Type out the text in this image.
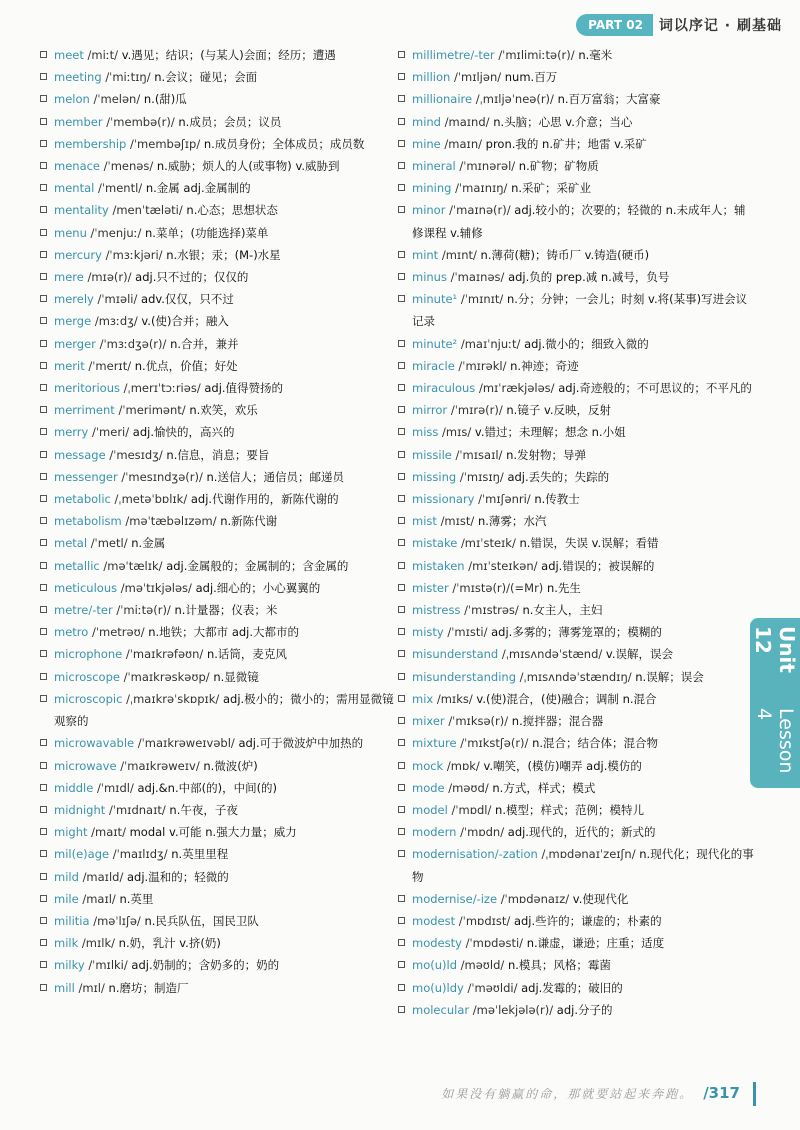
PART 02	词以序记 · 刷基础
meet /miːt/ v.遇见；结识；(与某人)会面；经历；遭遇
meeting /ˈmiːtɪŋ/ n.会议；碰见；会面
melon /ˈmelən/ n.(甜)瓜
member /ˈmembə(r)/ n.成员；会员；议员
membership /ˈmembəʃɪp/ n.成员身份；全体成员；成员数
menace /ˈmenəs/ n.威胁；烦人的人(或事物) v.威胁到
mental /ˈmentl/ n.金属 adj.金属制的
mentality /menˈtæləti/ n.心态；思想状态
menu /ˈmenjuː/ n.菜单；(功能选择)菜单
mercury /ˈmɜːkjəri/ n.水银；汞；(M-)水星
mere /mɪə(r)/ adj.只不过的；仅仅的
merely /ˈmɪəli/ adv.仅仅，只不过
merge /mɜːdʒ/ v.(使)合并；融入
merger /ˈmɜːdʒə(r)/ n.合并，兼并
merit /ˈmerɪt/ n.优点，价值；好处
meritorious /ˌmerɪˈtɔːriəs/ adj.值得赞扬的
merriment /ˈmerimənt/ n.欢笑，欢乐
merry /ˈmeri/ adj.愉快的，高兴的
message /ˈmesɪdʒ/ n.信息，消息；要旨
messenger /ˈmesɪndʒə(r)/ n.送信人；通信员；邮递员
metabolic /ˌmetəˈbɒlɪk/ adj.代谢作用的，新陈代谢的
metabolism /məˈtæbəlɪzəm/ n.新陈代谢
metal /ˈmetl/ n.金属
metallic /məˈtælɪk/ adj.金属般的；金属制的；含金属的
meticulous /məˈtɪkjələs/ adj.细心的；小心翼翼的
metre/-ter /ˈmiːtə(r)/ n.计量器；仪表；米
metro /ˈmetrəʊ/ n.地铁；大都市 adj.大都市的
microphone /ˈmaɪkrəfəʊn/ n.话筒，麦克风
microscope /ˈmaɪkrəskəʊp/ n.显微镜
microscopic /ˌmaɪkrəˈskɒpɪk/ adj.极小的；微小的；需用显微镜观察的
microwavable /ˈmaɪkrəweɪvəbl/ adj.可于微波炉中加热的
microwave /ˈmaɪkrəweɪv/ n.微波(炉)
middle /ˈmɪdl/ adj.&n.中部(的)，中间(的)
midnight /ˈmɪdnaɪt/ n.午夜，子夜
might /maɪt/ modal v.可能 n.强大力量；威力
mil(e)age /ˈmaɪlɪdʒ/ n.英里里程
mild /maɪld/ adj.温和的；轻微的
mile /maɪl/ n.英里
militia /məˈlɪʃə/ n.民兵队伍，国民卫队
milk /mɪlk/ n.奶，乳汁 v.挤(奶)
milky /ˈmɪlki/ adj.奶制的；含奶多的；奶的
mill /mɪl/ n.磨坊；制造厂
millimetre/-ter /ˈmɪlimiːtə(r)/ n.毫米
million /ˈmɪljən/ num.百万
millionaire /ˌmɪljəˈneə(r)/ n.百万富翁；大富豪
mind /maɪnd/ n.头脑；心思 v.介意；当心
mine /maɪn/ pron.我的 n.矿井；地雷 v.采矿
mineral /ˈmɪnərəl/ n.矿物；矿物质
mining /ˈmaɪnɪŋ/ n.采矿；采矿业
minor /ˈmaɪnə(r)/ adj.较小的；次要的；轻微的 n.未成年人；辅修课程 v.辅修
mint /mɪnt/ n.薄荷(糖)；铸币厂 v.铸造(硬币)
minus /ˈmaɪnəs/ adj.负的 prep.减 n.减号，负号
minute¹ /ˈmɪnɪt/ n.分；分钟；一会儿；时刻 v.将(某事)写进会议记录
minute² /maɪˈnjuːt/ adj.微小的；细致入微的
miracle /ˈmɪrəkl/ n.神迹；奇迹
miraculous /mɪˈrækjələs/ adj.奇迹般的；不可思议的；不平凡的
mirror /ˈmɪrə(r)/ n.镜子 v.反映，反射
miss /mɪs/ v.错过；未理解；想念 n.小姐
missile /ˈmɪsaɪl/ n.发射物；导弹
missing /ˈmɪsɪŋ/ adj.丢失的；失踪的
missionary /ˈmɪʃənri/ n.传教士
mist /mɪst/ n.薄雾；水汽
mistake /mɪˈsteɪk/ n.错误，失误 v.误解；看错
mistaken /mɪˈsteɪkən/ adj.错误的；被误解的
mister /ˈmɪstə(r)/(=Mr) n.先生
mistress /ˈmɪstrəs/ n.女主人，主妇
misty /ˈmɪsti/ adj.多雾的；薄雾笼罩的；模糊的
misunderstand /ˌmɪsʌndəˈstænd/ v.误解，误会
misunderstanding /ˌmɪsʌndəˈstændɪŋ/ n.误解；误会
mix /mɪks/ v.(使)混合，(使)融合；调制 n.混合
mixer /ˈmɪksə(r)/ n.搅拌器；混合器
mixture /ˈmɪkstʃə(r)/ n.混合；结合体；混合物
mock /mɒk/ v.嘲笑，(模仿)嘲弄 adj.模仿的
mode /məʊd/ n.方式，样式；模式
model /ˈmɒdl/ n.模型；样式；范例；模特儿
modern /ˈmɒdn/ adj.现代的，近代的；新式的
modernisation/-zation /ˌmɒdənaɪˈzeɪʃn/ n.现代化；现代化的事物
modernise/-ize /ˈmɒdənaɪz/ v.使现代化
modest /ˈmɒdɪst/ adj.些许的；谦虚的；朴素的
modesty /ˈmɒdəsti/ n.谦虚，谦逊；庄重；适度
mo(u)ld /məʊld/ n.模具；风格；霉菌
mo(u)ldy /ˈməʊldi/ adj.发霉的；破旧的
molecular /məˈlekjələ(r)/ adj.分子的
Unit 12
Lesson 4
如果没有躺赢的命，那就要站起来奔跑。 /317
